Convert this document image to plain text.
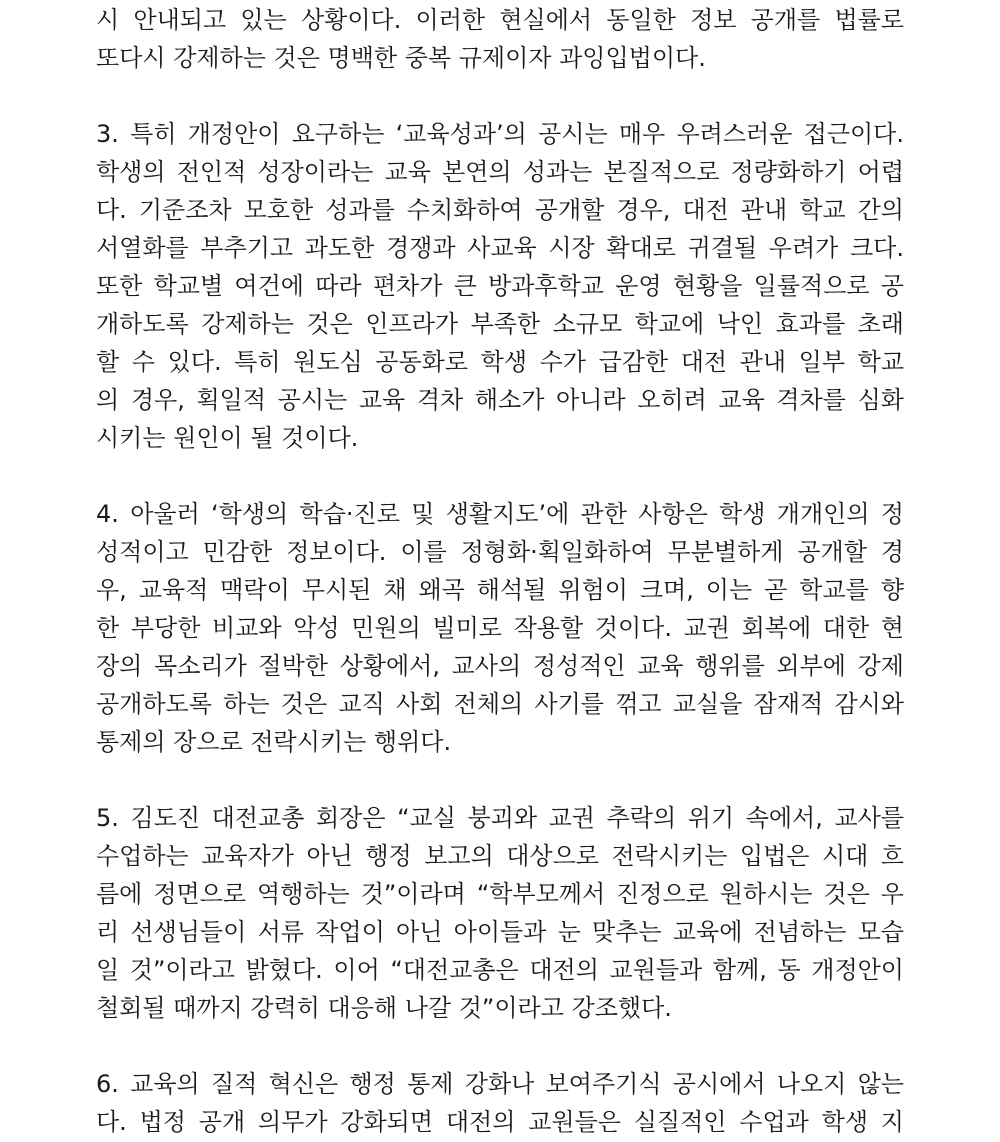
시 안내되고 있는 상황이다. 이러한 현실에서 동일한 정보 공개를 법률로
또다시 강제하는 것은 명백한 중복 규제이자 과잉입법이다.
3. 특히 개정안이 요구하는 ‘교육성과’의 공시는 매우 우려스러운 접근이다.
학생의 전인적 성장이라는 교육 본연의 성과는 본질적으로 정량화하기 어렵
다. 기준조차 모호한 성과를 수치화하여 공개할 경우, 대전 관내 학교 간의
서열화를 부추기고 과도한 경쟁과 사교육 시장 확대로 귀결될 우려가 크다.
또한 학교별 여건에 따라 편차가 큰 방과후학교 운영 현황을 일률적으로 공
개하도록 강제하는 것은 인프라가 부족한 소규모 학교에 낙인 효과를 초래
할 수 있다. 특히 원도심 공동화로 학생 수가 급감한 대전 관내 일부 학교
의 경우, 획일적 공시는 교육 격차 해소가 아니라 오히려 교육 격차를 심화
시키는 원인이 될 것이다.
4. 아울러 ‘학생의 학습·진로 및 생활지도’에 관한 사항은 학생 개개인의 정
성적이고 민감한 정보이다. 이를 정형화·획일화하여 무분별하게 공개할 경
우, 교육적 맥락이 무시된 채 왜곡 해석될 위험이 크며, 이는 곧 학교를 향
한 부당한 비교와 악성 민원의 빌미로 작용할 것이다. 교권 회복에 대한 현
장의 목소리가 절박한 상황에서, 교사의 정성적인 교육 행위를 외부에 강제
공개하도록 하는 것은 교직 사회 전체의 사기를 꺾고 교실을 잠재적 감시와
통제의 장으로 전락시키는 행위다.
5. 김도진 대전교총 회장은 “교실 붕괴와 교권 추락의 위기 속에서, 교사를
수업하는 교육자가 아닌 행정 보고의 대상으로 전락시키는 입법은 시대 흐
름에 정면으로 역행하는 것”이라며 “학부모께서 진정으로 원하시는 것은 우
리 선생님들이 서류 작업이 아닌 아이들과 눈 맞추는 교육에 전념하는 모습
일 것”이라고 밝혔다. 이어 “대전교총은 대전의 교원들과 함께, 동 개정안이
철회될 때까지 강력히 대응해 나갈 것”이라고 강조했다.
6. 교육의 질적 혁신은 행정 통제 강화나 보여주기식 공시에서 나오지 않는
다. 법정 공개 의무가 강화되면 대전의 교원들은 실질적인 수업과 학생 지
